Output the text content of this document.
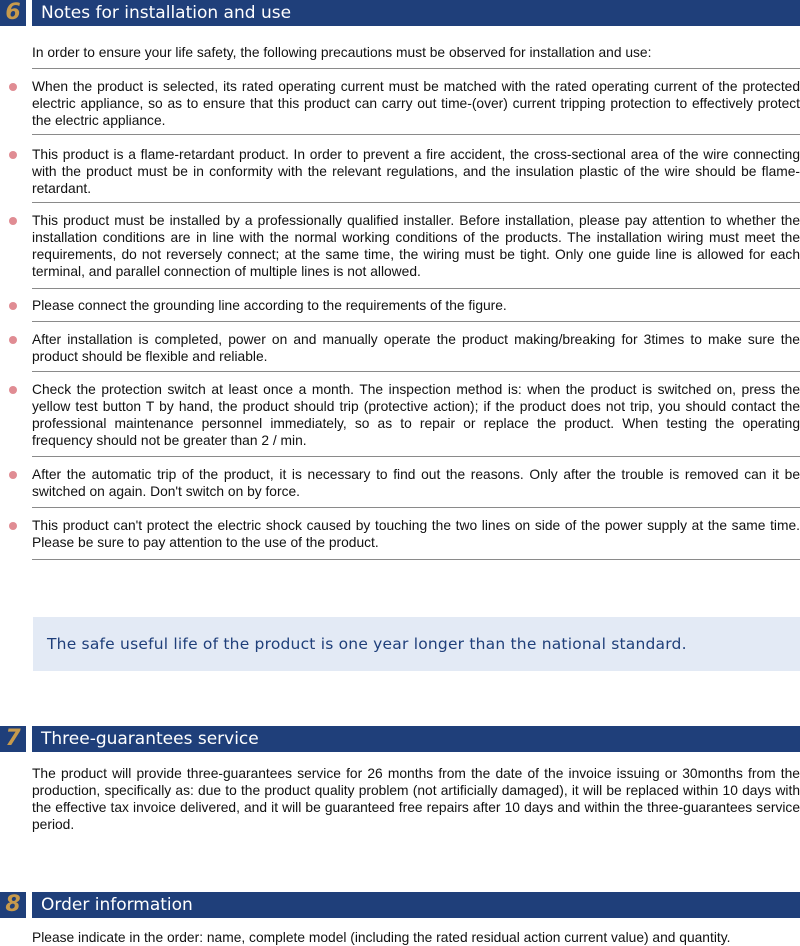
6	Notes for installation and use
In order to ensure your life safety, the following precautions must be observed for installation and use:
When the product is selected, its rated operating current must be matched with the rated operating current of the protected electric appliance, so as to ensure that this product can carry out time-(over) current tripping protection to effectively protect the electric appliance.
This product is a flame-retardant product. In order to prevent a fire accident, the cross-sectional area of the wire connecting with the product must be in conformity with the relevant regulations, and the insulation plastic of the wire should be flame-retardant.
This product must be installed by a professionally qualified installer. Before installation, please pay attention to whether the installation conditions are in line with the normal working conditions of the products. The installation wiring must meet the requirements, do not reversely connect; at the same time, the wiring must be tight. Only one guide line is allowed for each terminal, and parallel connection of multiple lines is not allowed.
Please connect the grounding line according to the requirements of the figure.
After installation is completed, power on and manually operate the product making/breaking for 3times to make sure the product should be flexible and reliable.
Check the protection switch at least once a month. The inspection method is: when the product is switched on, press the yellow test button T by hand, the product should trip (protective action); if the product does not trip, you should contact the professional maintenance personnel immediately, so as to repair or replace the product. When testing the operating frequency should not be greater than 2 / min.
After the automatic trip of the product, it is necessary to find out the reasons. Only after the trouble is removed can it be switched on again. Don't switch on by force.
This product can't protect the electric shock caused by touching the two lines on side of the power supply at the same time. Please be sure to pay attention to the use of the product.
The safe useful life of the product is one year longer than the national standard.
7	Three-guarantees service
The product will provide three-guarantees service for 26 months from the date of the invoice issuing or 30months from the production, specifically as: due to the product quality problem (not artificially damaged), it will be replaced within 10 days with the effective tax invoice delivered, and it will be guaranteed free repairs after 10 days and within the three-guarantees service period.
8	Order information
Please indicate in the order: name, complete model (including the rated residual action current value) and quantity.
